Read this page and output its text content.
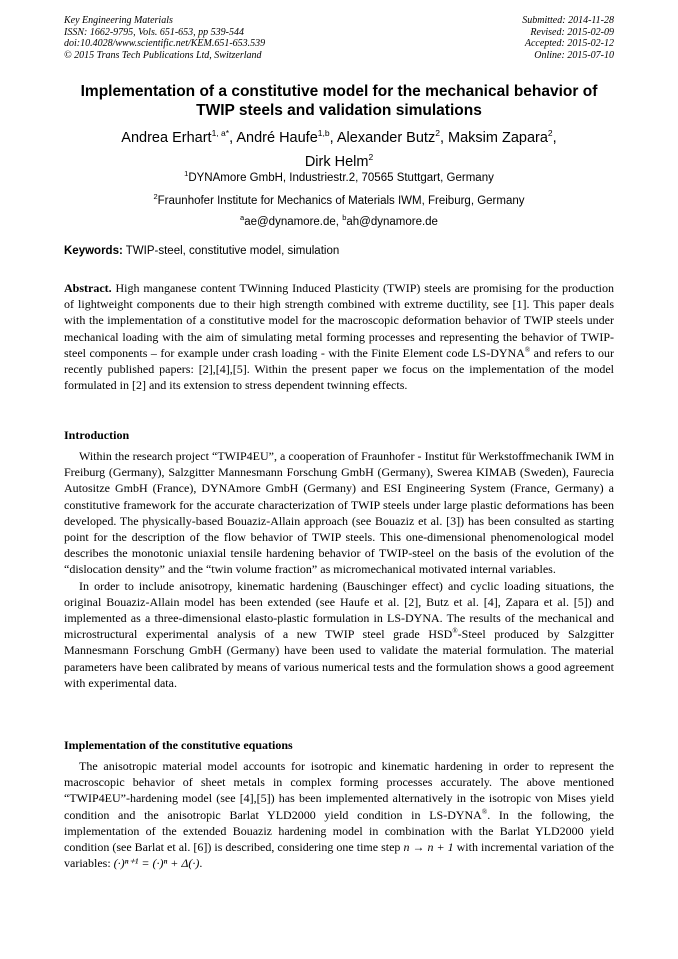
Key Engineering Materials
ISSN: 1662-9795, Vols. 651-653, pp 539-544
doi:10.4028/www.scientific.net/KEM.651-653.539
© 2015 Trans Tech Publications Ltd, Switzerland
Submitted: 2014-11-28
Revised: 2015-02-09
Accepted: 2015-02-12
Online: 2015-07-10
Implementation of a constitutive model for the mechanical behavior of
TWIP steels and validation simulations
Andrea Erhart$^{1, a*}$, André Haufe$^{1,b}$, Alexander Butz$^2$, Maksim Zapara$^2$,
Dirk Helm$^2$
$^1$DYNAmore GmbH, Industriestr.2, 70565 Stuttgart, Germany
$^2$Fraunhofer Institute for Mechanics of Materials IWM, Freiburg, Germany
$^a$ae@dynamore.de, $^b$ah@dynamore.de
Keywords: TWIP-steel, constitutive model, simulation

Abstract. High manganese content TWinning Induced Plasticity (TWIP) steels are promising for the production of lightweight components due to their high strength combined with extreme ductility, see [1]. This paper deals with the implementation of a constitutive model for the macroscopic deformation behavior of TWIP steels under mechanical loading with the aim of simulating metal forming processes and representing the behavior of TWIP-steel components – for example under crash loading - with the Finite Element code LS-DYNA® and refers to our recently published papers: [2],[4],[5]. Within the present paper we focus on the implementation of the model formulated in [2] and its extension to stress dependent twinning effects.

Introduction

Within the research project “TWIP4EU”, a cooperation of Fraunhofer - Institut für Werkstoffmechanik IWM in Freiburg (Germany), Salzgitter Mannesmann Forschung GmbH (Germany), Swerea KIMAB (Sweden), Faurecia Autositze GmbH (France), DYNAmore GmbH (Germany) and ESI Engineering System (France, Germany) a constitutive framework for the accurate characterization of TWIP steels under large plastic deformations has been developed. The physically-based Bouaziz-Allain approach (see Bouaziz et al. [3]) has been consulted as starting point for the description of the flow behavior of TWIP steels. This one-dimensional phenomenological model describes the monotonic uniaxial tensile hardening behavior of TWIP-steel on the basis of the evolution of the “dislocation density” and the “twin volume fraction” as micromechanical motivated internal variables.

In order to include anisotropy, kinematic hardening (Bauschinger effect) and cyclic loading situations, the original Bouaziz-Allain model has been extended (see Haufe et al. [2], Butz et al. [4], Zapara et al. [5]) and implemented as a three-dimensional elasto-plastic formulation in LS-DYNA. The results of the mechanical and microstructural experimental analysis of a new TWIP steel grade HSD®-Steel produced by Salzgitter Mannesmann Forschung GmbH (Germany) have been used to validate the material formulation. The material parameters have been calibrated by means of various numerical tests and the formulation shows a good agreement with experimental data.

Implementation of the constitutive equations

The anisotropic material model accounts for isotropic and kinematic hardening in order to represent the macroscopic behavior of sheet metals in complex forming processes accurately. The above mentioned “TWIP4EU”-hardening model (see [4],[5]) has been implemented alternatively in the isotropic von Mises yield condition and the anisotropic Barlat YLD2000 yield condition in LS-DYNA®. In the following, the implementation of the extended Bouaziz hardening model in combination with the Barlat YLD2000 yield condition (see Barlat et al. [6]) is described, considering one time step n → n + 1 with incremental variation of the variables: (·)ⁿ⁺¹ = (·)ⁿ + Δ(·).
